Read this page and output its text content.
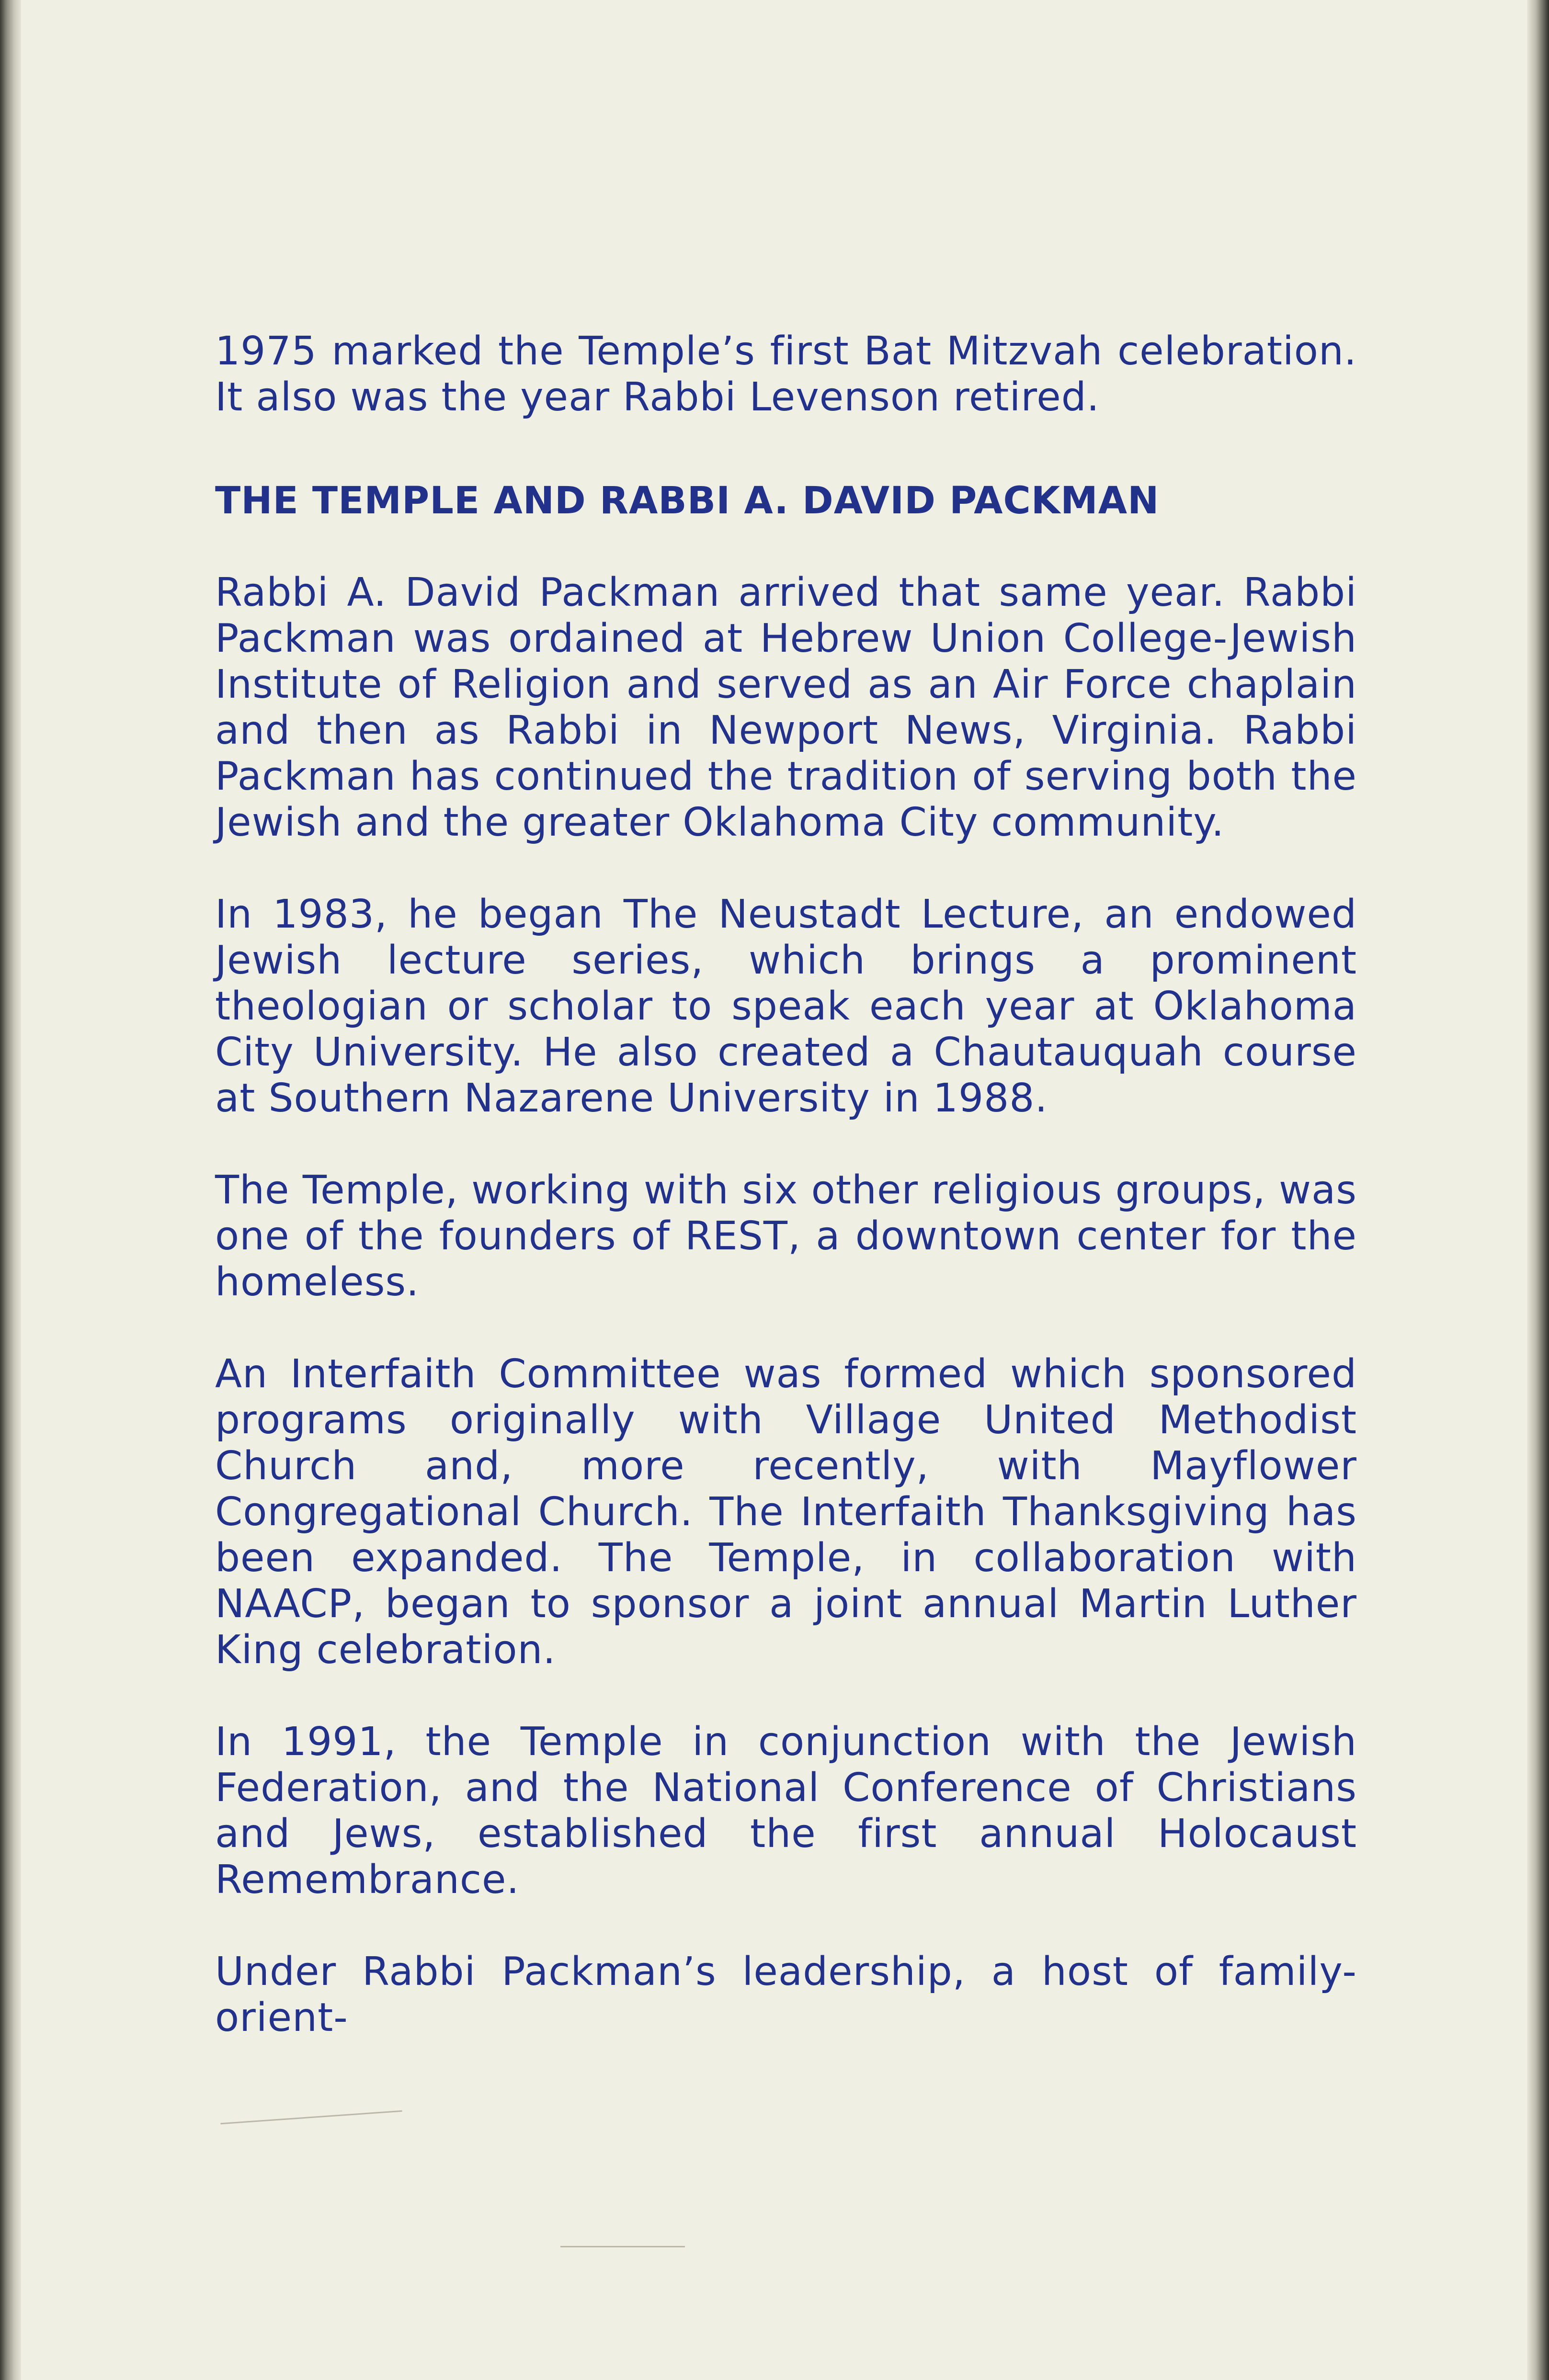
1975 marked the Temple’s first Bat Mitzvah celebration. It also was the year Rabbi Levenson retired.

THE TEMPLE AND RABBI A. DAVID PACKMAN

Rabbi A. David Packman arrived that same year. Rabbi Packman was ordained at Hebrew Union College-Jewish Institute of Religion and served as an Air Force chaplain and then as Rabbi in Newport News, Virginia. Rabbi Packman has continued the tradition of serving both the Jewish and the greater Oklahoma City community.

In 1983, he began The Neustadt Lecture, an endowed Jewish lecture series, which brings a prominent theologian or scholar to speak each year at Oklahoma City University. He also created a Chautauquah course at Southern Nazarene University in 1988.

The Temple, working with six other religious groups, was one of the founders of REST, a downtown center for the homeless.

An Interfaith Committee was formed which sponsored programs originally with Village United Methodist Church and, more recently, with Mayflower Congregational Church. The Interfaith Thanksgiving has been expanded. The Temple, in collaboration with NAACP, began to sponsor a joint annual Martin Luther King celebration.

In 1991, the Temple in conjunction with the Jewish Federation, and the National Conference of Christians and Jews, established the first annual Holocaust Remembrance.

Under Rabbi Packman’s leadership, a host of family-orient-
